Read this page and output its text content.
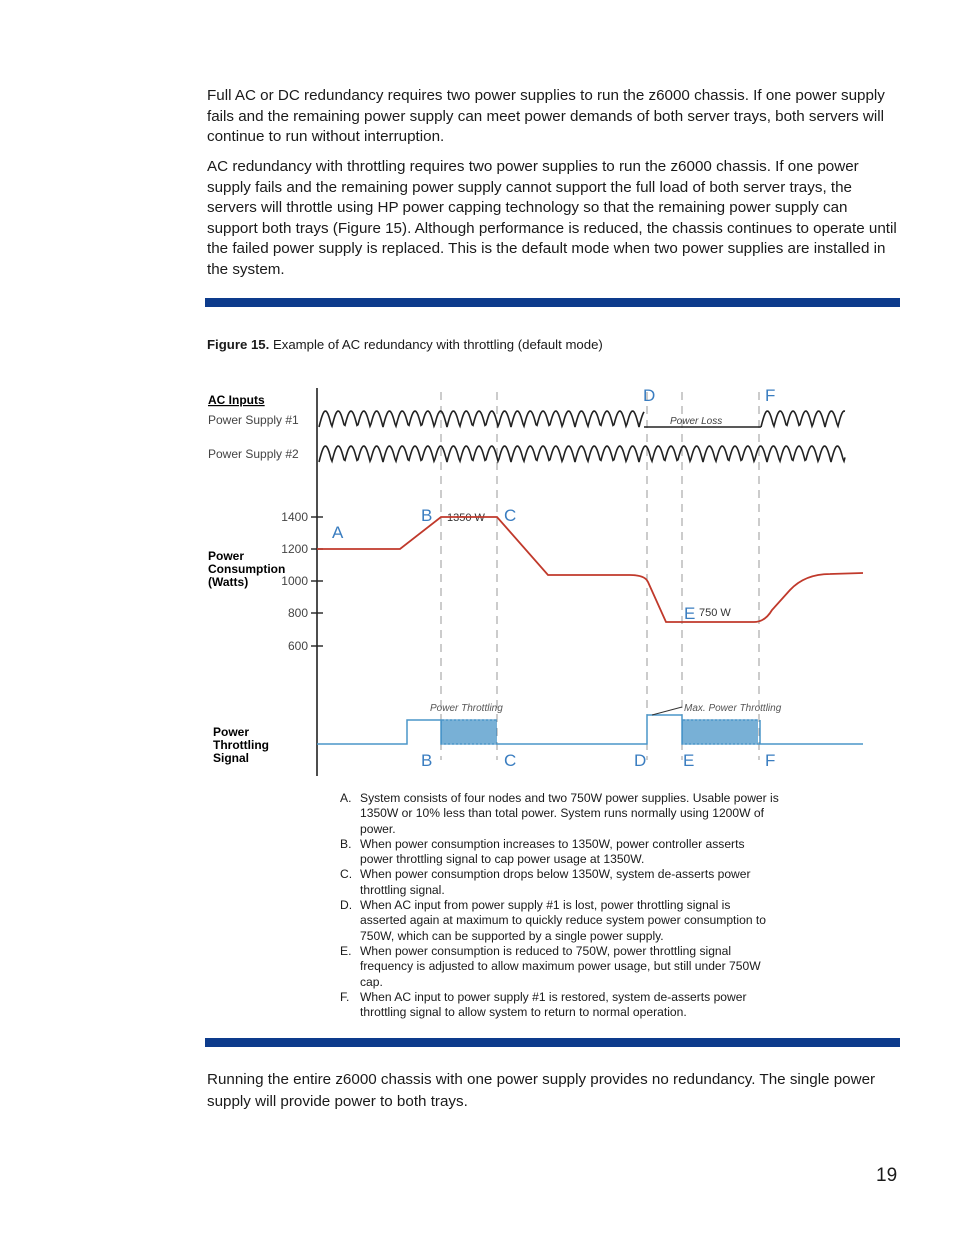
Full AC or DC redundancy requires two power supplies to run the z6000 chassis. If one power supply fails and the remaining power supply can meet power demands of both server trays, both servers will continue to run without interruption.

AC redundancy with throttling requires two power supplies to run the z6000 chassis. If one power supply fails and the remaining power supply cannot support the full load of both server trays, the servers will throttle using HP power capping technology so that the remaining power supply can support both trays (Figure 15). Although performance is reduced, the chassis continues to operate until the failed power supply is replaced. This is the default mode when two power supplies are installed in the system.

Figure 15. Example of AC redundancy with throttling (default mode)
AC Inputs
Power Supply #1
Power Supply #2
Power Loss
D	F
B	C
A
E
1350 W
750 W
Power
Consumption
(Watts)
1400
1200
1000
800
600
Power
Throttling
Signal
Power Throttling	Max. Power Throttling
B	C	D E	F
A. System consists of four nodes and two 750W power supplies. Usable power is 1350W or 10% less than total power. System runs normally using 1200W of power.
B. When power consumption increases to 1350W, power controller asserts power throttling signal to cap power usage at 1350W.
C. When power consumption drops below 1350W, system de-asserts power throttling signal.
D. When AC input from power supply #1 is lost, power throttling signal is asserted again at maximum to quickly reduce system power consumption to 750W, which can be supported by a single power supply.
E. When power consumption is reduced to 750W, power throttling signal frequency is adjusted to allow maximum power usage, but still under 750W cap.
F. When AC input to power supply #1 is restored, system de-asserts power throttling signal to allow system to return to normal operation.

Running the entire z6000 chassis with one power supply provides no redundancy. The single power supply will provide power to both trays.

19
